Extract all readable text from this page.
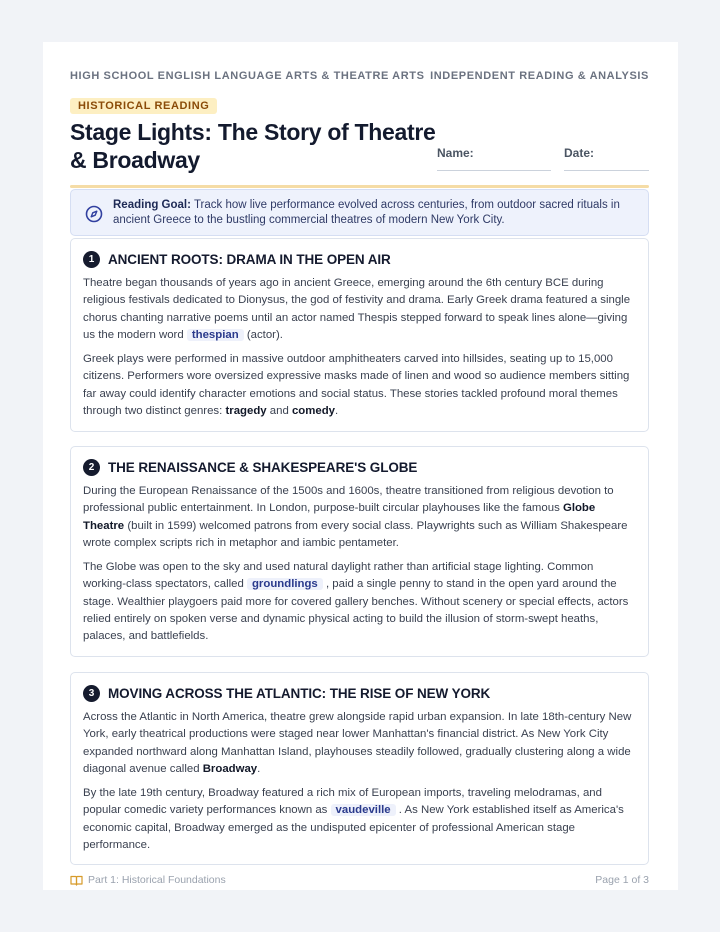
HIGH SCHOOL ENGLISH LANGUAGE ARTS & THEATRE ARTS INDEPENDENT READING & ANALYSIS
HISTORICAL READING
Stage Lights: The Story of Theatre
& Broadway	Name:	Date:
Reading Goal: Track how live performance evolved across centuries, from outdoor sacred rituals in ancient Greece to the bustling commercial theatres of modern New York City.
1	ANCIENT ROOTS: DRAMA IN THE OPEN AIR

Theatre began thousands of years ago in ancient Greece, emerging around the 6th century BCE during religious festivals dedicated to Dionysus, the god of festivity and drama. Early Greek drama featured a single chorus chanting narrative poems until an actor named Thespis stepped forward to speak lines alone—giving us the modern word thespian (actor).

Greek plays were performed in massive outdoor amphitheaters carved into hillsides, seating up to 15,000 citizens. Performers wore oversized expressive masks made of linen and wood so audience members sitting far away could identify character emotions and social status. These stories tackled profound moral themes through two distinct genres: tragedy and comedy.

2	THE RENAISSANCE & SHAKESPEARE'S GLOBE

During the European Renaissance of the 1500s and 1600s, theatre transitioned from religious devotion to professional public entertainment. In London, purpose-built circular playhouses like the famous Globe Theatre (built in 1599) welcomed patrons from every social class. Playwrights such as William Shakespeare wrote complex scripts rich in metaphor and iambic pentameter.

The Globe was open to the sky and used natural daylight rather than artificial stage lighting. Common working-class spectators, called groundlings , paid a single penny to stand in the open yard around the stage. Wealthier playgoers paid more for covered gallery benches. Without scenery or special effects, actors relied entirely on spoken verse and dynamic physical acting to build the illusion of storm-swept heaths, palaces, and battlefields.

3	MOVING ACROSS THE ATLANTIC: THE RISE OF NEW YORK

Across the Atlantic in North America, theatre grew alongside rapid urban expansion. In late 18th-century New York, early theatrical productions were staged near lower Manhattan's financial district. As New York City expanded northward along Manhattan Island, playhouses steadily followed, gradually clustering along a wide diagonal avenue called Broadway.

By the late 19th century, Broadway featured a rich mix of European imports, traveling melodramas, and popular comedic variety performances known as vaudeville . As New York established itself as America's economic capital, Broadway emerged as the undisputed epicenter of professional American stage performance.

Part 1: Historical Foundations	Page 1 of 3
